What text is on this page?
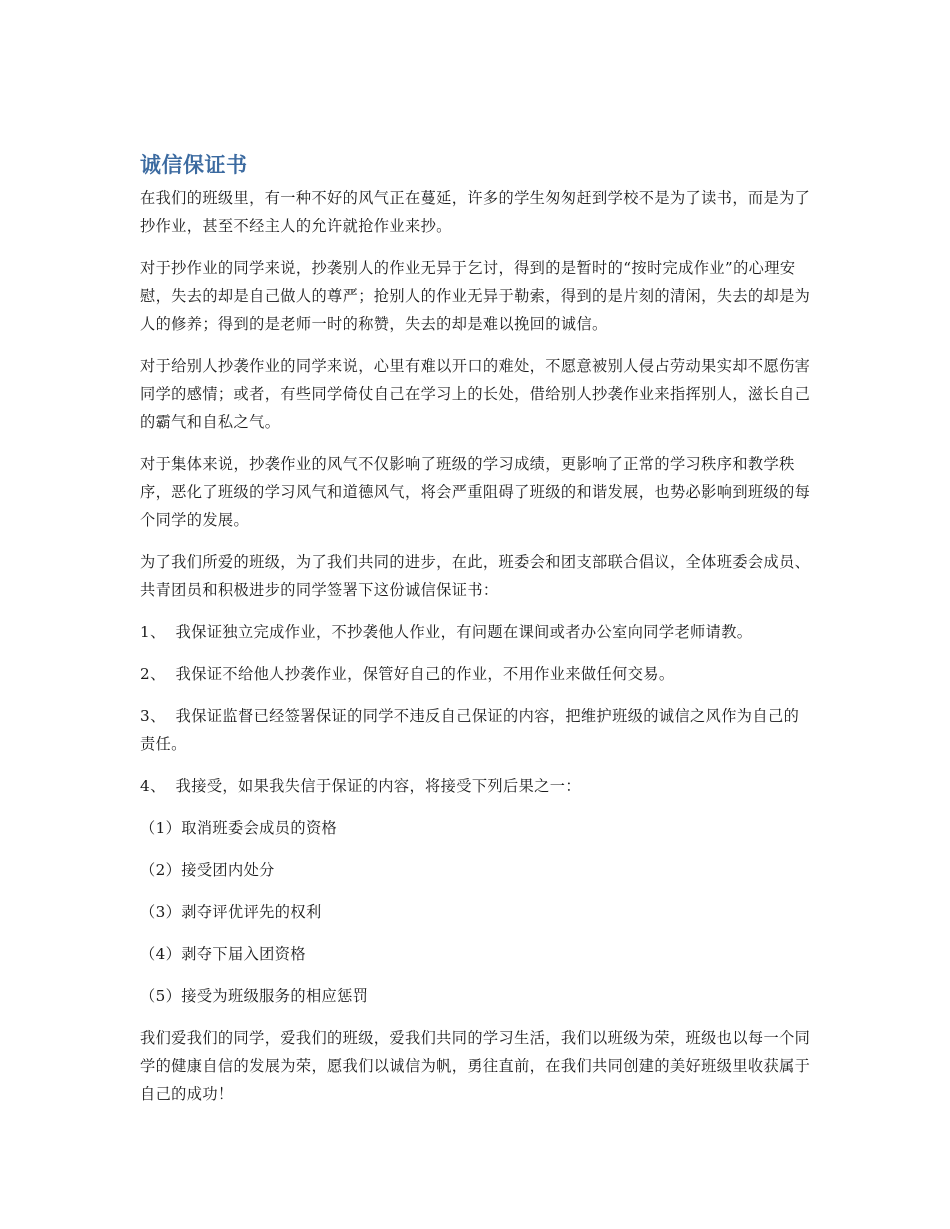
诚信保证书

在我们的班级里，有一种不好的风气正在蔓延，许多的学生匆匆赶到学校不是为了读书，而是为了抄作业，甚至不经主人的允许就抢作业来抄。

对于抄作业的同学来说，抄袭别人的作业无异于乞讨，得到的是暂时的“按时完成作业”的心理安慰，失去的却是自己做人的尊严；抢别人的作业无异于勒索，得到的是片刻的清闲，失去的却是为人的修养；得到的是老师一时的称赞，失去的却是难以挽回的诚信。

对于给别人抄袭作业的同学来说，心里有难以开口的难处，不愿意被别人侵占劳动果实却不愿伤害同学的感情；或者，有些同学倚仗自己在学习上的长处，借给别人抄袭作业来指挥别人，滋长自己的霸气和自私之气。

对于集体来说，抄袭作业的风气不仅影响了班级的学习成绩，更影响了正常的学习秩序和教学秩序，恶化了班级的学习风气和道德风气，将会严重阻碍了班级的和谐发展，也势必影响到班级的每个同学的发展。

为了我们所爱的班级，为了我们共同的进步，在此，班委会和团支部联合倡议，全体班委会成员、共青团员和积极进步的同学签署下这份诚信保证书：

1、 我保证独立完成作业，不抄袭他人作业，有问题在课间或者办公室向同学老师请教。

2、 我保证不给他人抄袭作业，保管好自己的作业，不用作业来做任何交易。

3、 我保证监督已经签署保证的同学不违反自己保证的内容，把维护班级的诚信之风作为自己的责任。

4、 我接受，如果我失信于保证的内容，将接受下列后果之一：

（1）取消班委会成员的资格

（2）接受团内处分

（3）剥夺评优评先的权利

（4）剥夺下届入团资格

（5）接受为班级服务的相应惩罚

我们爱我们的同学，爱我们的班级，爱我们共同的学习生活，我们以班级为荣，班级也以每一个同学的健康自信的发展为荣，愿我们以诚信为帆，勇往直前，在我们共同创建的美好班级里收获属于自己的成功！
